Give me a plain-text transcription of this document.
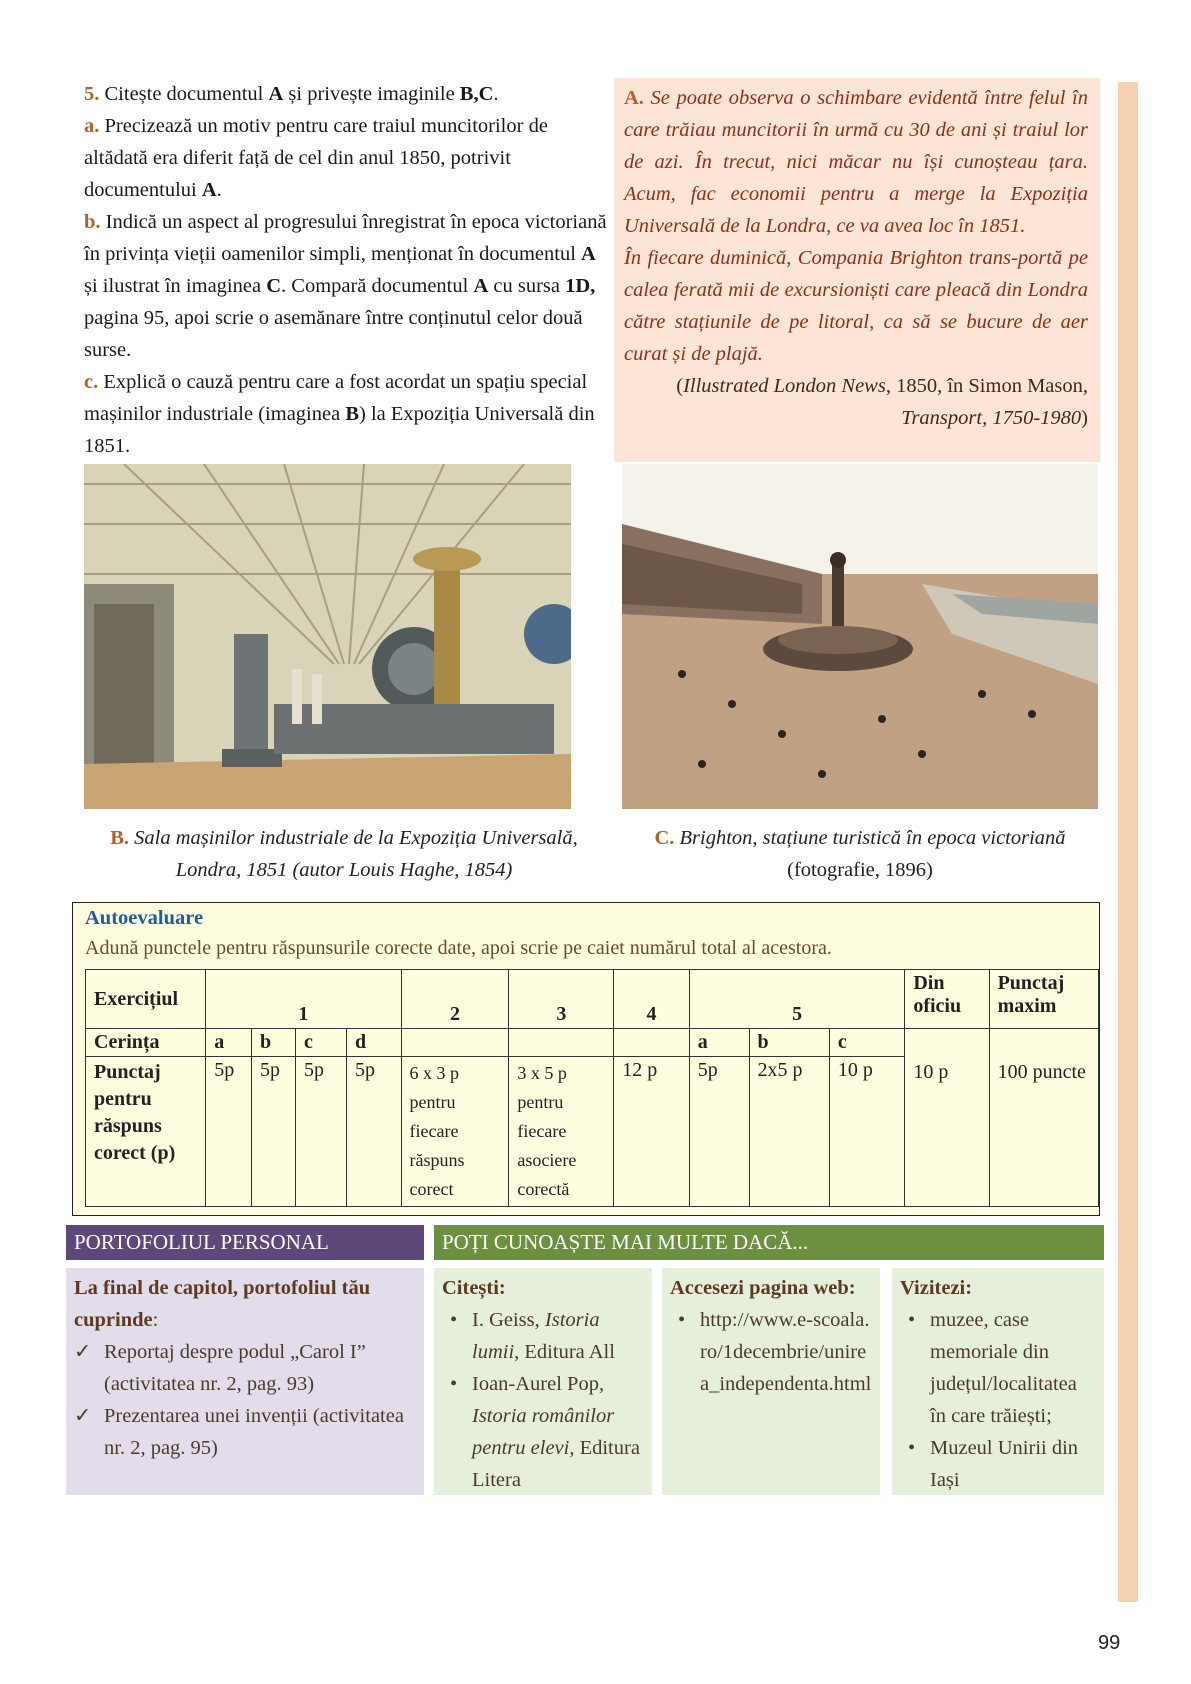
5. Citește documentul A și privește imaginile B,C.

a. Precizează un motiv pentru care traiul muncitorilor de altădată era diferit față de cel din anul 1850, potrivit documentului A.

b. Indică un aspect al progresului înregistrat în epoca victoriană în privința vieții oamenilor simpli, menționat în documentul A și ilustrat în imaginea C. Compară documentul A cu sursa 1D, pagina 95, apoi scrie o asemănare între conținutul celor două surse.

c. Explică o cauză pentru care a fost acordat un spațiu special mașinilor industriale (imaginea B) la Expoziția Universală din 1851.

A. Se poate observa o schimbare evidentă între felul în care trăiau muncitorii în urmă cu 30 de ani și traiul lor de azi. În trecut, nici măcar nu își cunoșteau țara. Acum, fac economii pentru a merge la Expoziția Universală de la Londra, ce va avea loc în 1851.

În fiecare duminică, Compania Brighton trans-portă pe calea ferată mii de excursioniști care pleacă din Londra către stațiunile de pe litoral, ca să se bucure de aer curat și de plajă.

(Illustrated London News, 1850, în Simon Mason, Transport, 1750-1980)

B. Sala mașinilor industriale de la Expoziția Universală, Londra, 1851 (autor Louis Haghe, 1854)
C. Brighton, stațiune turistică în epoca victoriană (fotografie, 1896)
Autoevaluare
Adună punctele pentru răspunsurile corecte date, apoi scrie pe caiet numărul total al acestora.
Exercițiul	1				2	3	4	5			Din oficiu	Punctaj maxim
Cerința	a	b	c	d				a	b	c	10 p	100 puncte
Punctaj pentru răspuns corect (p)	5p	5p	5p	5p	6 x 3 p pentru fiecare răspuns corect	3 x 5 p pentru fiecare asociere corectă	12 p	5p	2x5 p	10 p		
PORTOFOLIUL PERSONAL	POȚI CUNOAȘTE MAI MULTE DACĂ...
La final de capitol, portofoliul tău cuprinde:
✓ Reportaj despre podul „Carol I” (activitatea nr. 2, pag. 93)
✓ Prezentarea unei invenții (activitatea nr. 2, pag. 95)
Citești:
• I. Geiss, Istoria lumii, Editura All
• Ioan-Aurel Pop, Istoria românilor pentru elevi, Editura Litera
Accesezi pagina web:
• http://www.e-scoala.ro/1decembrie/unirea_independenta.html
Vizitezi:
• muzee, case memoriale din județul/localitatea în care trăiești;
• Muzeul Unirii din Iași
99
